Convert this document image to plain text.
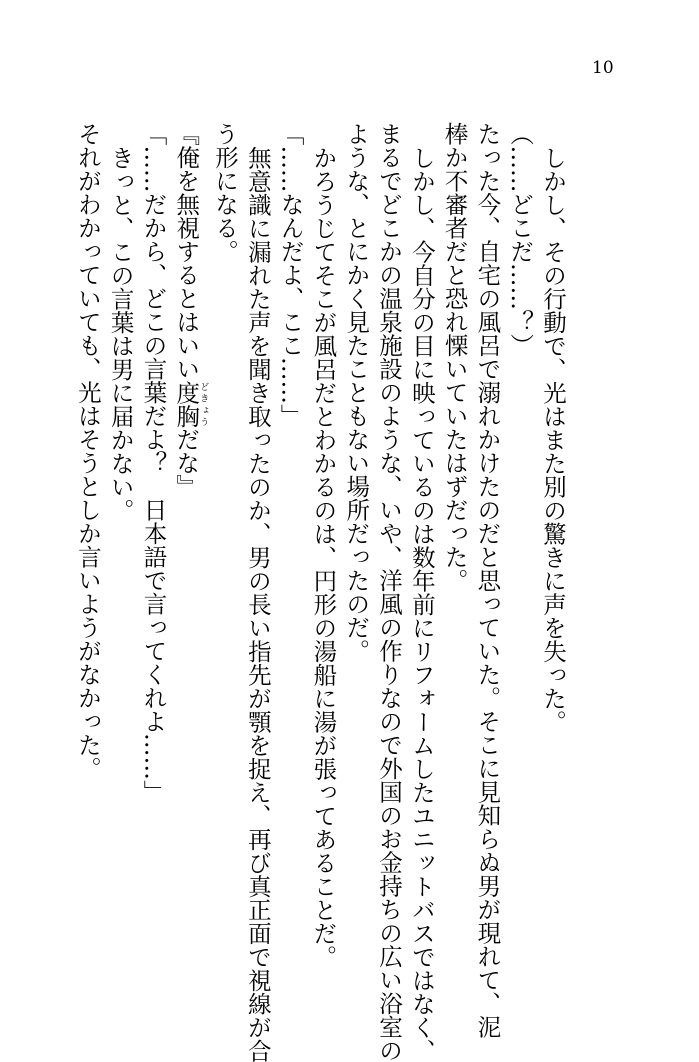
10
しかし、その行動で、光はまた別の驚きに声を失った。
（……どこだ……？）
たった今、自宅の風呂で溺れかけたのだと思っていた。そこに見知らぬ男が現れて、泥
棒か不審者だと恐れ慄いていたはずだった。
しかし、今自分の目に映っているのは数年前にリフォームしたユニットバスではなく、
まるでどこかの温泉施設のような、いや、洋風の作りなので外国のお金持ちの広い浴室の
ような、とにかく見たこともない場所だったのだ。
かろうじてそこが風呂だとわかるのは、円形の湯船に湯が張ってあることだ。
「……なんだよ、ここ……」
無意識に漏れた声を聞き取ったのか、男の長い指先が顎を捉え、再び真正面で視線が合
う形になる。
『俺を無視するとはいい度胸どきょうだな』
「……だから、どこの言葉だよ？　日本語で言ってくれよ……」
きっと、この言葉は男に届かない。
それがわかっていても、光はそうとしか言いようがなかった。
